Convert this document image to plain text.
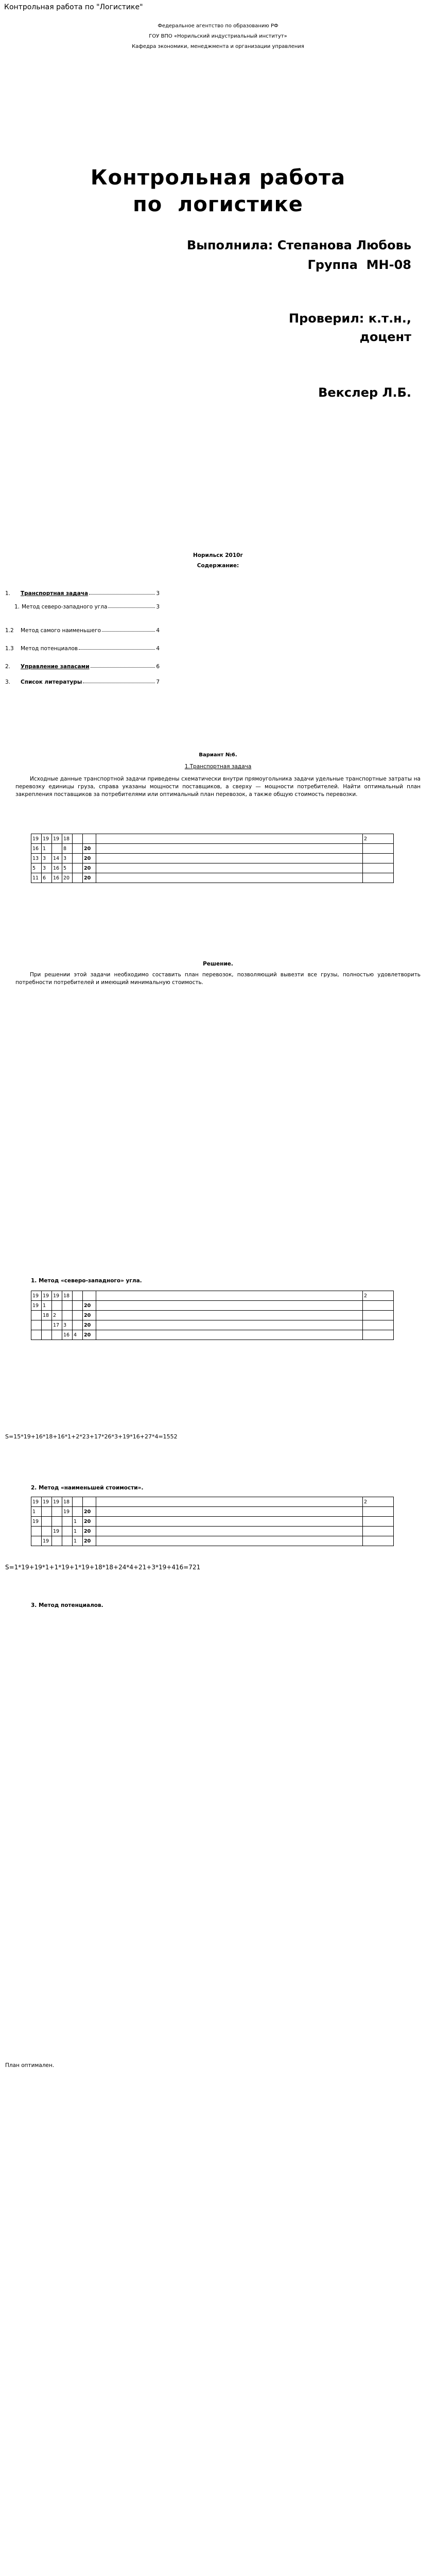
Контрольная работа по "Логистике"
Федеральное агентство по образованию РФ
ГОУ ВПО «Норильский индустриальный институт»
Кафедра экономики, менеджмента и организации управления
Контрольная работа
по  логистике
Выполнила: Степанова Любовь
Группа  МН-08
Проверил: к.т.н.,
доцент
Векслер Л.Б.
Норильск 2010г
Содержание:
1.	Транспортная задача	3
1. Метод северо-западного угла	3
1.2	Метод самого наименьшего	4
1.3	Метод потенциалов	4
2.	Управление запасами	6
3.	Список литературы	7
Вариант №6.
1.Транспортная задача
Исходные данные транспортной задачи приведены схематически внутри прямоугольника задачи удельные транспортные затраты на перевозку единицы груза, справа указаны мощности поставщиков, а сверху — мощности потребителей. Найти оптимальный план закрепления поставщиков за потребителями или оптимальный план перевозок, а также общую стоимость перевозки.
19	19	19	18				2
16	1		8		20		
13	3	14	3		20		
5	3	16	5		20		
11	6	16	20		20		
Решение.
При решении этой задачи необходимо составить план перевозок, позволяющий вывезти все грузы, полностью удовлетворить потребности потребителей и имеющий минимальную стоимость.
1. Метод «северо-западного» угла.
19	19	19	18				2
19	1				20		
	18	2			20		
		17	3		20		
			16	4	20		
S=15*19+16*18+16*1+2*23+17*26*3+19*16+27*4=1552
2. Метод «наименьшей стоимости».
19	19	19	18				2
1			19		20		
19				1	20		
		19		1	20		
	19			1	20		
S=1*19+19*1+1*19+1*19+18*18+24*4+21+3*19+416=721
3. Метод потенциалов.
План оптимален.
